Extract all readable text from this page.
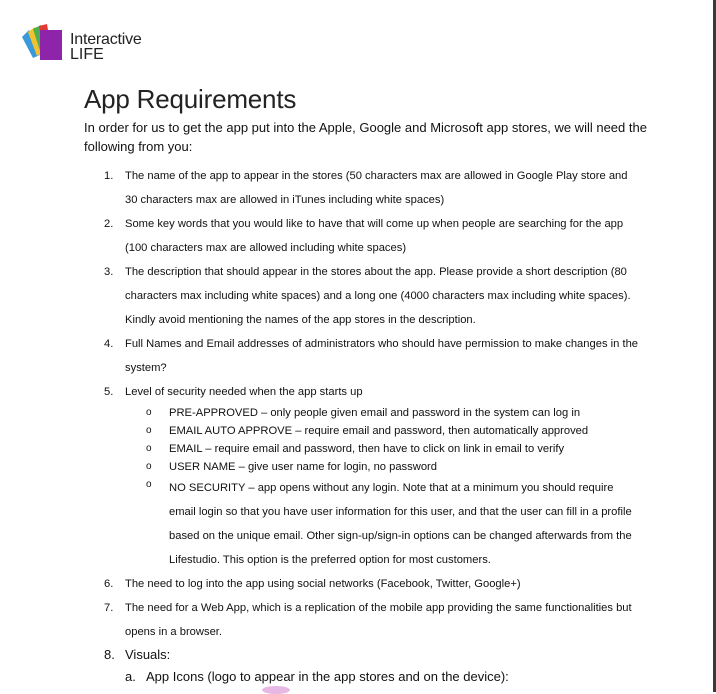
Interactive
LIFE
App Requirements

In order for us to get the app put into the Apple, Google and Microsoft app stores, we will need the following from you:

1. The name of the app to appear in the stores (50 characters max are allowed in Google Play store and 30 characters max are allowed in iTunes including white spaces)
2. Some key words that you would like to have that will come up when people are searching for the app (100 characters max are allowed including white spaces)
3. The description that should appear in the stores about the app. Please provide a short description (80 characters max including white spaces) and a long one (4000 characters max including white spaces). Kindly avoid mentioning the names of the app stores in the description.
4. Full Names and Email addresses of administrators who should have permission to make changes in the system?
5. Level of security needed when the app starts up
o PRE-APPROVED – only people given email and password in the system can log in
o EMAIL AUTO APPROVE – require email and password, then automatically approved
o EMAIL – require email and password, then have to click on link in email to verify
o USER NAME – give user name for login, no password
o NO SECURITY – app opens without any login. Note that at a minimum you should require email login so that you have user information for this user, and that the user can fill in a profile based on the unique email. Other sign-up/sign-in options can be changed afterwards from the Lifestudio. This option is the preferred option for most customers.
6. The need to log into the app using social networks (Facebook, Twitter, Google+)
7. The need for a Web App, which is a replication of the mobile app providing the same functionalities but opens in a browser.
8. Visuals:
a. App Icons (logo to appear in the app stores and on the device):
